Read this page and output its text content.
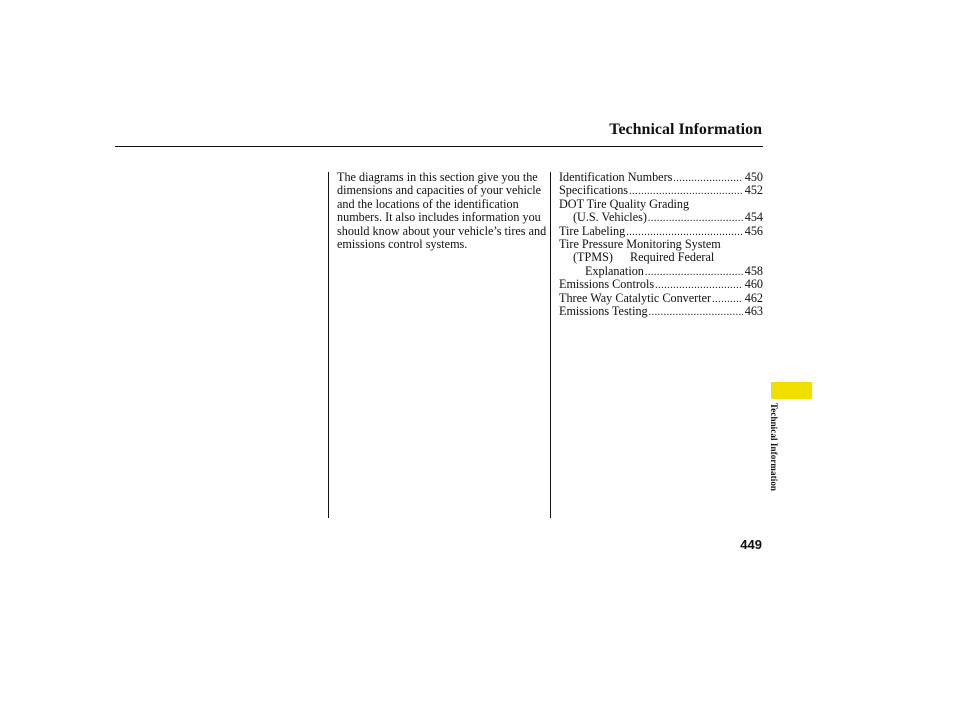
Technical Information

The diagrams in this section give you the dimensions and capacities of your vehicle and the locations of the identification numbers. It also includes information you should know about your vehicle’s tires and emissions control systems.

Identification Numbers .....	450
Specifications .....	452
DOT Tire Quality Grading
(U.S. Vehicles) .....	454
Tire Labeling .....	456
Tire Pressure Monitoring System
(TPMS) Required Federal
Explanation .....	458
Emissions Controls .....	460
Three Way Catalytic Converter .....	462
Emissions Testing .....	463
Technical Information
449
